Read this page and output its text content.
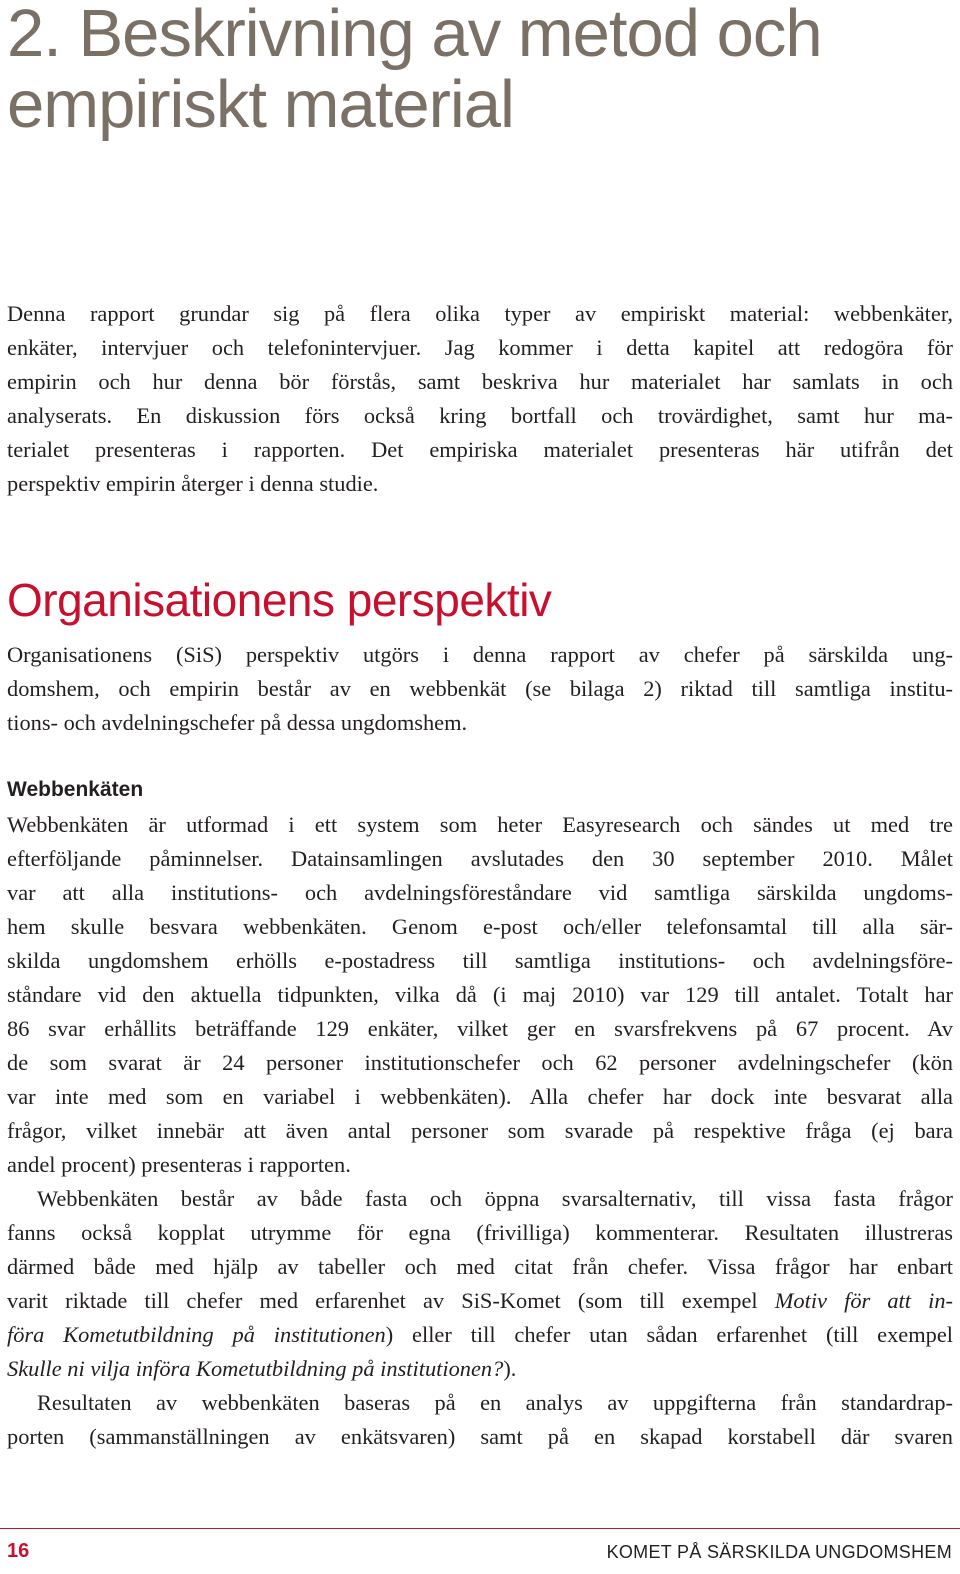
2. Beskrivning av metod och
empiriskt material
Denna rapport grundar sig på flera olika typer av empiriskt material: webbenkäter,
enkäter, intervjuer och telefonintervjuer. Jag kommer i detta kapitel att redogöra för
empirin och hur denna bör förstås, samt beskriva hur materialet har samlats in och
analyserats. En diskussion förs också kring bortfall och trovärdighet, samt hur ma-
terialet presenteras i rapporten. Det empiriska materialet presenteras här utifrån det
perspektiv empirin återger i denna studie.
Organisationens perspektiv
Organisationens (SiS) perspektiv utgörs i denna rapport av chefer på särskilda ung-
domshem, och empirin består av en webbenkät (se bilaga 2) riktad till samtliga institu-
tions- och avdelningschefer på dessa ungdomshem.
Webbenkäten
Webbenkäten är utformad i ett system som heter Easyresearch och sändes ut med tre
efterföljande påminnelser. Datainsamlingen avslutades den 30 september 2010. Målet
var att alla institutions- och avdelningsföreståndare vid samtliga särskilda ungdoms-
hem skulle besvara webbenkäten. Genom e-post och/eller telefonsamtal till alla sär-
skilda ungdomshem erhölls e-postadress till samtliga institutions- och avdelningsföre-
ståndare vid den aktuella tidpunkten, vilka då (i maj 2010) var 129 till antalet. Totalt har
86 svar erhållits beträffande 129 enkäter, vilket ger en svarsfrekvens på 67 procent. Av
de som svarat är 24 personer institutionschefer och 62 personer avdelningschefer (kön
var inte med som en variabel i webbenkäten). Alla chefer har dock inte besvarat alla
frågor, vilket innebär att även antal personer som svarade på respektive fråga (ej bara
andel procent) presenteras i rapporten.
Webbenkäten består av både fasta och öppna svarsalternativ, till vissa fasta frågor
fanns också kopplat utrymme för egna (frivilliga) kommenterar. Resultaten illustreras
därmed både med hjälp av tabeller och med citat från chefer. Vissa frågor har enbart
varit riktade till chefer med erfarenhet av SiS-Komet (som till exempel Motiv för att in-
föra Kometutbildning på institutionen) eller till chefer utan sådan erfarenhet (till exempel
Skulle ni vilja införa Kometutbildning på institutionen?).
Resultaten av webbenkäten baseras på en analys av uppgifterna från standardrap-
porten (sammanställningen av enkätsvaren) samt på en skapad korstabell där svaren
16	KOMET PÅ SÄRSKILDA UNGDOMSHEM
